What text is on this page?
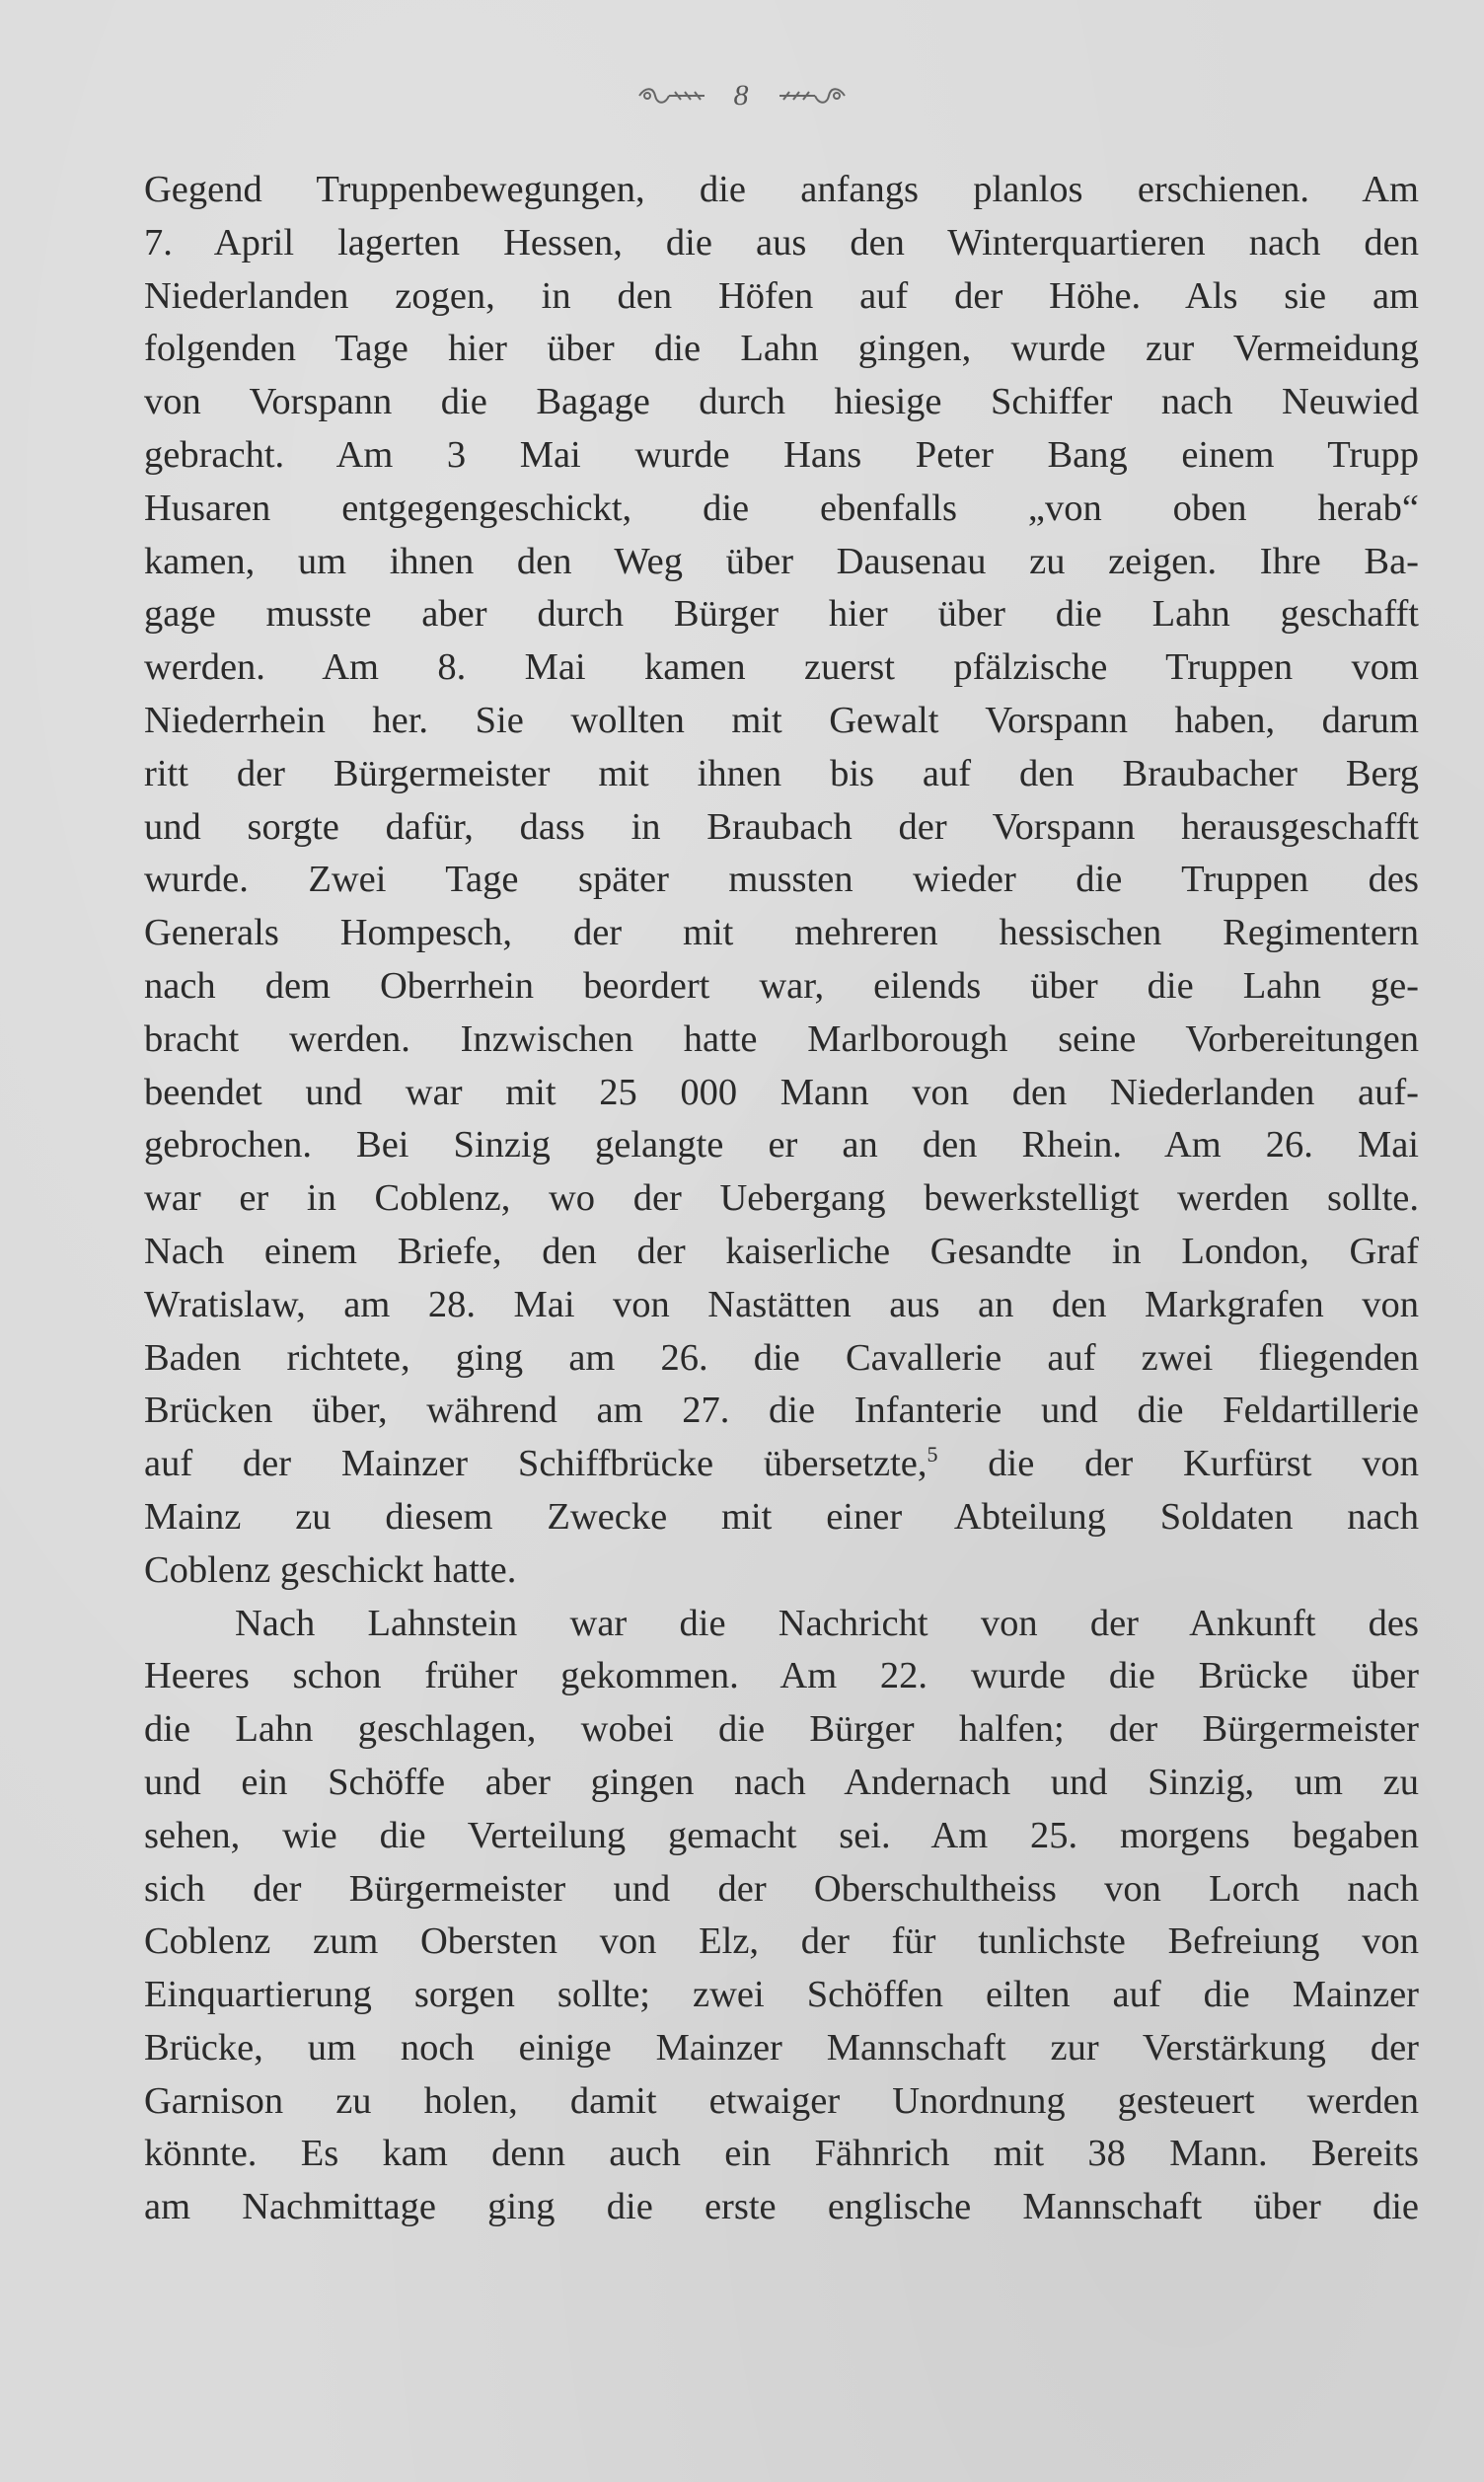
8
Gegend Truppenbewegungen, die anfangs planlos erschienen. Am
7. April lagerten Hessen, die aus den Winterquartieren nach den
Niederlanden zogen, in den Höfen auf der Höhe. Als sie am
folgenden Tage hier über die Lahn gingen, wurde zur Vermeidung
von Vorspann die Bagage durch hiesige Schiffer nach Neuwied
gebracht. Am 3 Mai wurde Hans Peter Bang einem Trupp
Husaren entgegengeschickt, die ebenfalls „von oben herab“
kamen, um ihnen den Weg über Dausenau zu zeigen. Ihre Ba-
gage musste aber durch Bürger hier über die Lahn geschafft
werden. Am 8. Mai kamen zuerst pfälzische Truppen vom
Niederrhein her. Sie wollten mit Gewalt Vorspann haben, darum
ritt der Bürgermeister mit ihnen bis auf den Braubacher Berg
und sorgte dafür, dass in Braubach der Vorspann herausgeschafft
wurde. Zwei Tage später mussten wieder die Truppen des
Generals Hompesch, der mit mehreren hessischen Regimentern
nach dem Oberrhein beordert war, eilends über die Lahn ge-
bracht werden. Inzwischen hatte Marlborough seine Vorbereitungen
beendet und war mit 25 000 Mann von den Niederlanden auf-
gebrochen. Bei Sinzig gelangte er an den Rhein. Am 26. Mai
war er in Coblenz, wo der Uebergang bewerkstelligt werden sollte.
Nach einem Briefe, den der kaiserliche Gesandte in London, Graf
Wratislaw, am 28. Mai von Nastätten aus an den Markgrafen von
Baden richtete, ging am 26. die Cavallerie auf zwei fliegenden
Brücken über, während am 27. die Infanterie und die Feldartillerie
auf der Mainzer Schiffbrücke übersetzte,$^5$ die der Kurfürst von
Mainz zu diesem Zwecke mit einer Abteilung Soldaten nach
Coblenz geschickt hatte.
Nach Lahnstein war die Nachricht von der Ankunft des
Heeres schon früher gekommen. Am 22. wurde die Brücke über
die Lahn geschlagen, wobei die Bürger halfen; der Bürgermeister
und ein Schöffe aber gingen nach Andernach und Sinzig, um zu
sehen, wie die Verteilung gemacht sei. Am 25. morgens begaben
sich der Bürgermeister und der Oberschultheiss von Lorch nach
Coblenz zum Obersten von Elz, der für tunlichste Befreiung von
Einquartierung sorgen sollte; zwei Schöffen eilten auf die Mainzer
Brücke, um noch einige Mainzer Mannschaft zur Verstärkung der
Garnison zu holen, damit etwaiger Unordnung gesteuert werden
könnte. Es kam denn auch ein Fähnrich mit 38 Mann. Bereits
am Nachmittage ging die erste englische Mannschaft über die
